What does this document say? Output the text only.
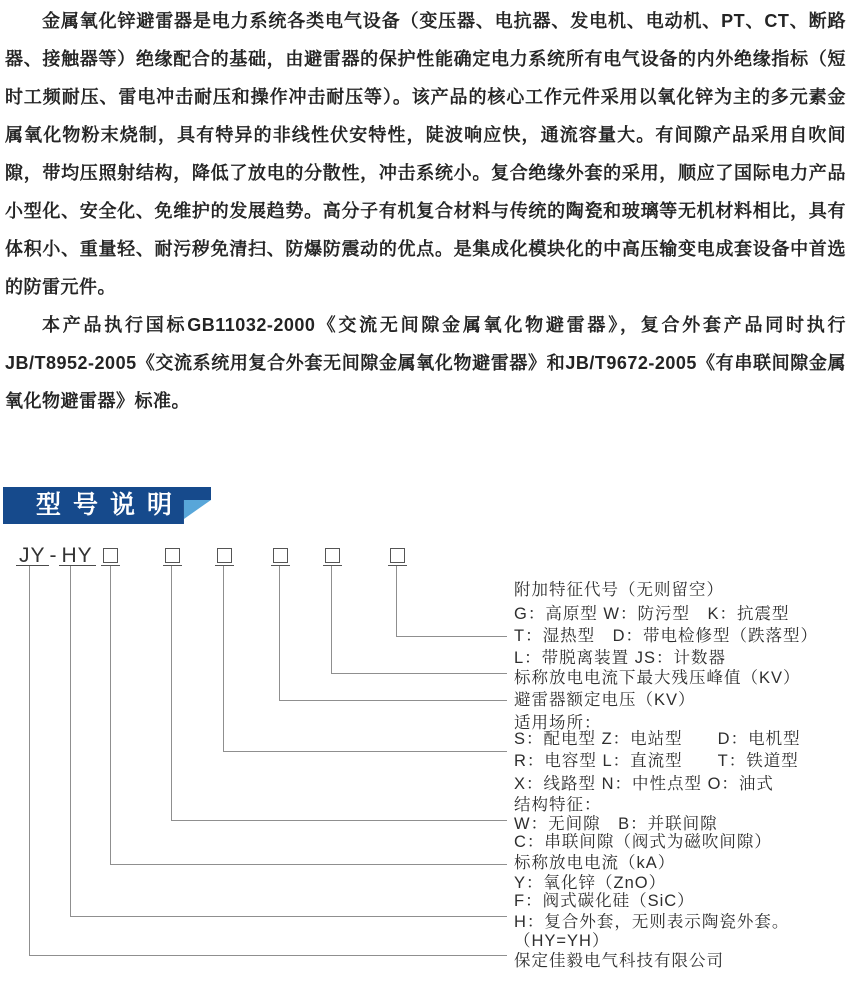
金属氧化锌避雷器是电力系统各类电气设备（变压器、电抗器、发电机、电动机、PT、CT、断路器、接触器等）绝缘配合的基础，由避雷器的保护性能确定电力系统所有电气设备的内外绝缘指标（短时工频耐压、雷电冲击耐压和操作冲击耐压等）。该产品的核心工作元件采用以氧化锌为主的多元素金属氧化物粉末烧制，具有特异的非线性伏安特性，陡波响应快，通流容量大。有间隙产品采用自吹间隙，带均压照射结构，降低了放电的分散性，冲击系统小。复合绝缘外套的采用，顺应了国际电力产品小型化、安全化、免维护的发展趋势。高分子有机复合材料与传统的陶瓷和玻璃等无机材料相比，具有体积小、重量轻、耐污秽免清扫、防爆防震动的优点。是集成化模块化的中高压输变电成套设备中首选的防雷元件。

本产品执行国标GB11032-2000《交流无间隙金属氧化物避雷器》，复合外套产品同时执行JB/T8952-2005《交流系统用复合外套无间隙金属氧化物避雷器》和JB/T9672-2005《有串联间隙金属氧化物避雷器》标准。

型号说明
JY - HY
附加特征代号（无则留空）
G：高原型 W：防污型　K：抗震型
T：湿热型　D：带电检修型（跌落型）
L：带脱离装置 JS：计数器
标称放电电流下最大残压峰值（KV）
避雷器额定电压（KV）
适用场所：
S：配电型 Z：电站型　　D：电机型
R：电容型 L：直流型　　T：铁道型
X：线路型 N：中性点型 O：油式
结构特征：
W：无间隙　B：并联间隙
C：串联间隙（阀式为磁吹间隙）
标称放电电流（kA）
Y：氧化锌（ZnO）
F：阀式碳化硅（SiC）
H：复合外套，无则表示陶瓷外套。
（HY=YH）
保定佳毅电气科技有限公司
